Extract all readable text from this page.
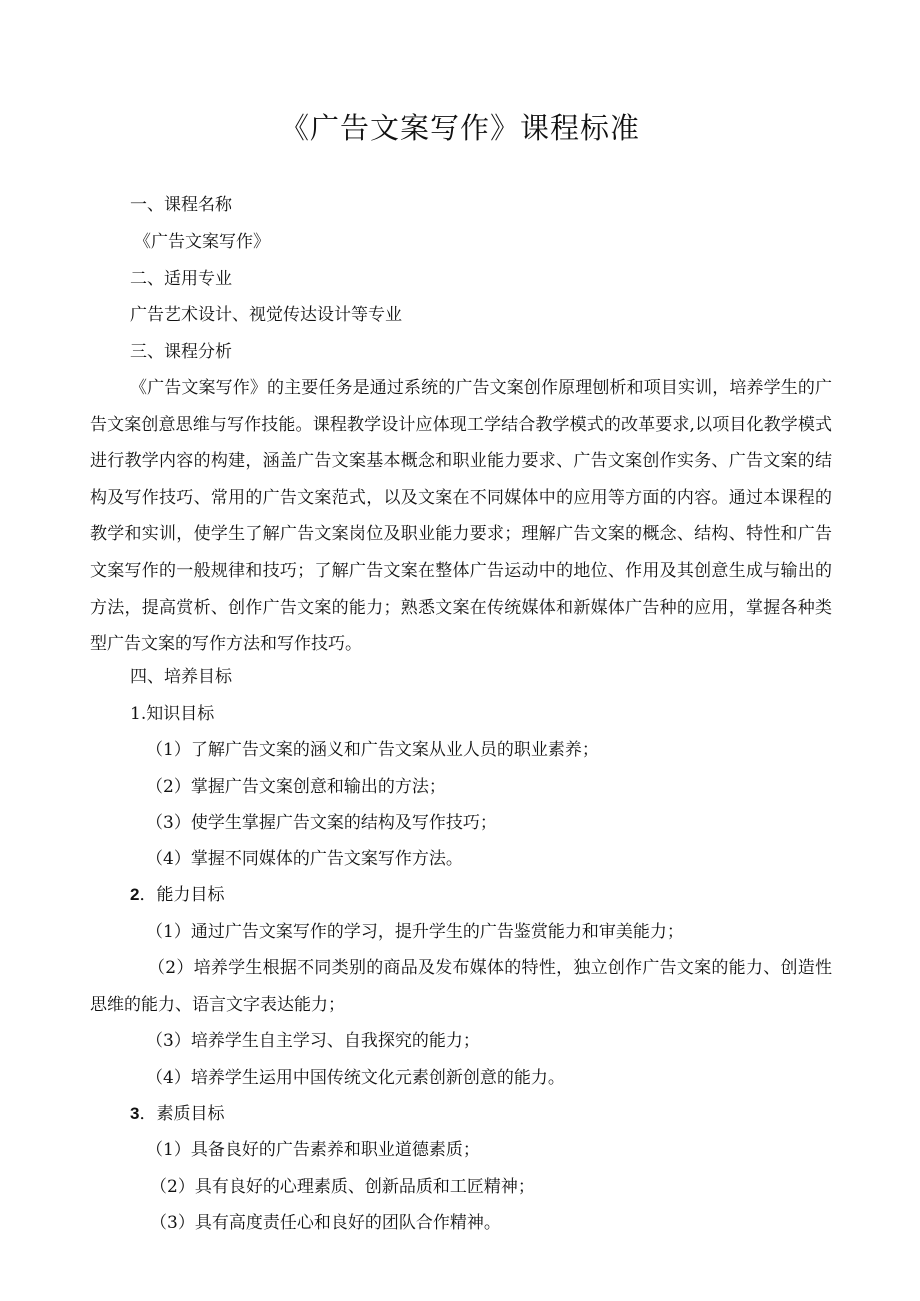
《广告文案写作》课程标准
一、课程名称
《广告文案写作》
二、适用专业
广告艺术设计、视觉传达设计等专业
三、课程分析
《广告文案写作》的主要任务是通过系统的广告文案创作原理刨析和项目实训，培养学生的广告文案创意思维与写作技能。课程教学设计应体现工学结合教学模式的改革要求,以项目化教学模式进行教学内容的构建，涵盖广告文案基本概念和职业能力要求、广告文案创作实务、广告文案的结构及写作技巧、常用的广告文案范式，以及文案在不同媒体中的应用等方面的内容。通过本课程的教学和实训，使学生了解广告文案岗位及职业能力要求；理解广告文案的概念、结构、特性和广告文案写作的一般规律和技巧；了解广告文案在整体广告运动中的地位、作用及其创意生成与输出的方法，提高赏析、创作广告文案的能力；熟悉文案在传统媒体和新媒体广告种的应用，掌握各种类型广告文案的写作方法和写作技巧。
四、培养目标
1.知识目标
（1）了解广告文案的涵义和广告文案从业人员的职业素养；
（2）掌握广告文案创意和输出的方法；
（3）使学生掌握广告文案的结构及写作技巧；
（4）掌握不同媒体的广告文案写作方法。
2．能力目标
（1）通过广告文案写作的学习，提升学生的广告鉴赏能力和审美能力；
（2）培养学生根据不同类别的商品及发布媒体的特性，独立创作广告文案的能力、创造性思维的能力、语言文字表达能力；
（3）培养学生自主学习、自我探究的能力；
（4）培养学生运用中国传统文化元素创新创意的能力。
3．素质目标
（1）具备良好的广告素养和职业道德素质；
（2）具有良好的心理素质、创新品质和工匠精神；
（3）具有高度责任心和良好的团队合作精神。
